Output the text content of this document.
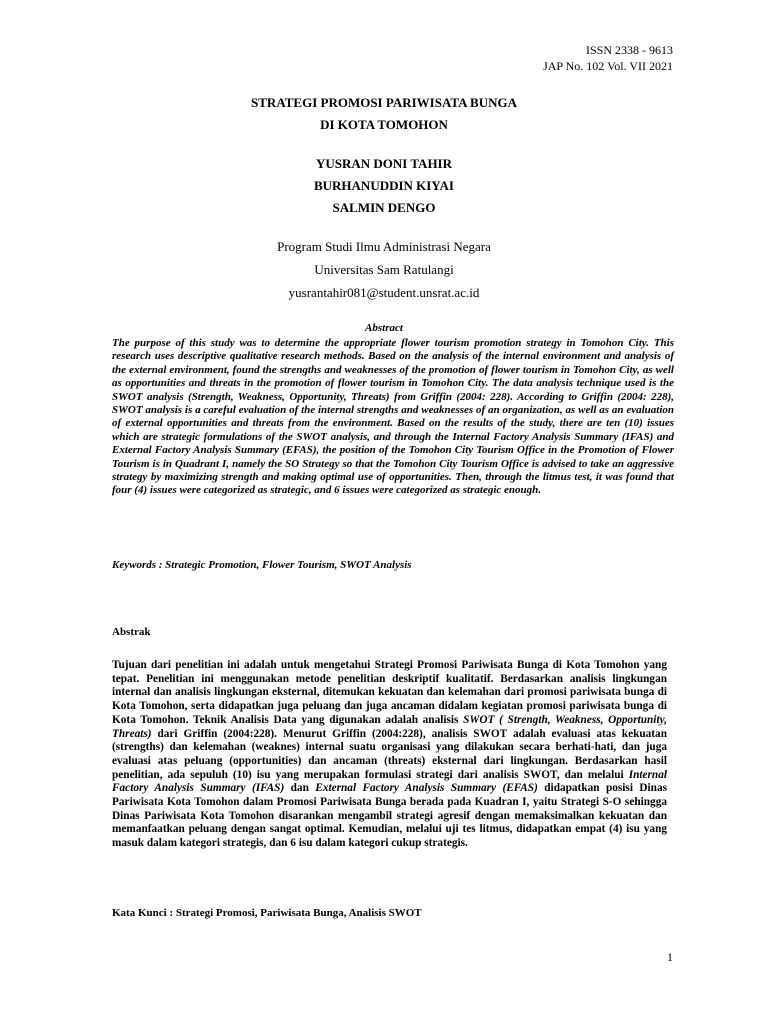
ISSN 2338 - 9613
JAP No. 102 Vol. VII 2021
STRATEGI PROMOSI PARIWISATA BUNGA
DI KOTA TOMOHON
YUSRAN DONI TAHIR
BURHANUDDIN KIYAI
SALMIN DENGO
Program Studi Ilmu Administrasi Negara
Universitas Sam Ratulangi
yusrantahir081@student.unsrat.ac.id
Abstract
The purpose of this study was to determine the appropriate flower tourism promotion strategy in Tomohon City. This research uses descriptive qualitative research methods. Based on the analysis of the internal environment and analysis of the external environment, found the strengths and weaknesses of the promotion of flower tourism in Tomohon City, as well as opportunities and threats in the promotion of flower tourism in Tomohon City. The data analysis technique used is the SWOT analysis (Strength, Weakness, Opportunity, Threats) from Griffin (2004: 228). According to Griffin (2004: 228), SWOT analysis is a careful evaluation of the internal strengths and weaknesses of an organization, as well as an evaluation of external opportunities and threats from the environment. Based on the results of the study, there are ten (10) issues which are strategic formulations of the SWOT analysis, and through the Internal Factory Analysis Summary (IFAS) and External Factory Analysis Summary (EFAS), the position of the Tomohon City Tourism Office in the Promotion of Flower Tourism is in Quadrant I, namely the SO Strategy so that the Tomohon City Tourism Office is advised to take an aggressive strategy by maximizing strength and making optimal use of opportunities. Then, through the litmus test, it was found that four (4) issues were categorized as strategic, and 6 issues were categorized as strategic enough.
Keywords : Strategic Promotion, Flower Tourism, SWOT Analysis
Abstrak
Tujuan dari penelitian ini adalah untuk mengetahui Strategi Promosi Pariwisata Bunga di Kota Tomohon yang tepat. Penelitian ini menggunakan metode penelitian deskriptif kualitatif. Berdasarkan analisis lingkungan internal dan analisis lingkungan eksternal, ditemukan kekuatan dan kelemahan dari promosi pariwisata bunga di Kota Tomohon, serta didapatkan juga peluang dan juga ancaman didalam kegiatan promosi pariwisata bunga di Kota Tomohon. Teknik Analisis Data yang digunakan adalah analisis SWOT ( Strength, Weakness, Opportunity, Threats) dari Griffin (2004:228). Menurut Griffin (2004:228), analisis SWOT adalah evaluasi atas kekuatan (strengths) dan kelemahan (weaknes) internal suatu organisasi yang dilakukan secara berhati-hati, dan juga evaluasi atas peluang (opportunities) dan ancaman (threats) eksternal dari lingkungan. Berdasarkan hasil penelitian, ada sepuluh (10) isu yang merupakan formulasi strategi dari analisis SWOT, dan melalui Internal Factory Analysis Summary (IFAS) dan External Factory Analysis Summary (EFAS) didapatkan posisi Dinas Pariwisata Kota Tomohon dalam Promosi Pariwisata Bunga berada pada Kuadran I, yaitu Strategi S-O sehingga Dinas Pariwisata Kota Tomohon disarankan mengambil strategi agresif dengan memaksimalkan kekuatan dan memanfaatkan peluang dengan sangat optimal. Kemudian, melalui uji tes litmus, didapatkan empat (4) isu yang masuk dalam kategori strategis, dan 6 isu dalam kategori cukup strategis.
Kata Kunci : Strategi Promosi, Pariwisata Bunga, Analisis SWOT
1
